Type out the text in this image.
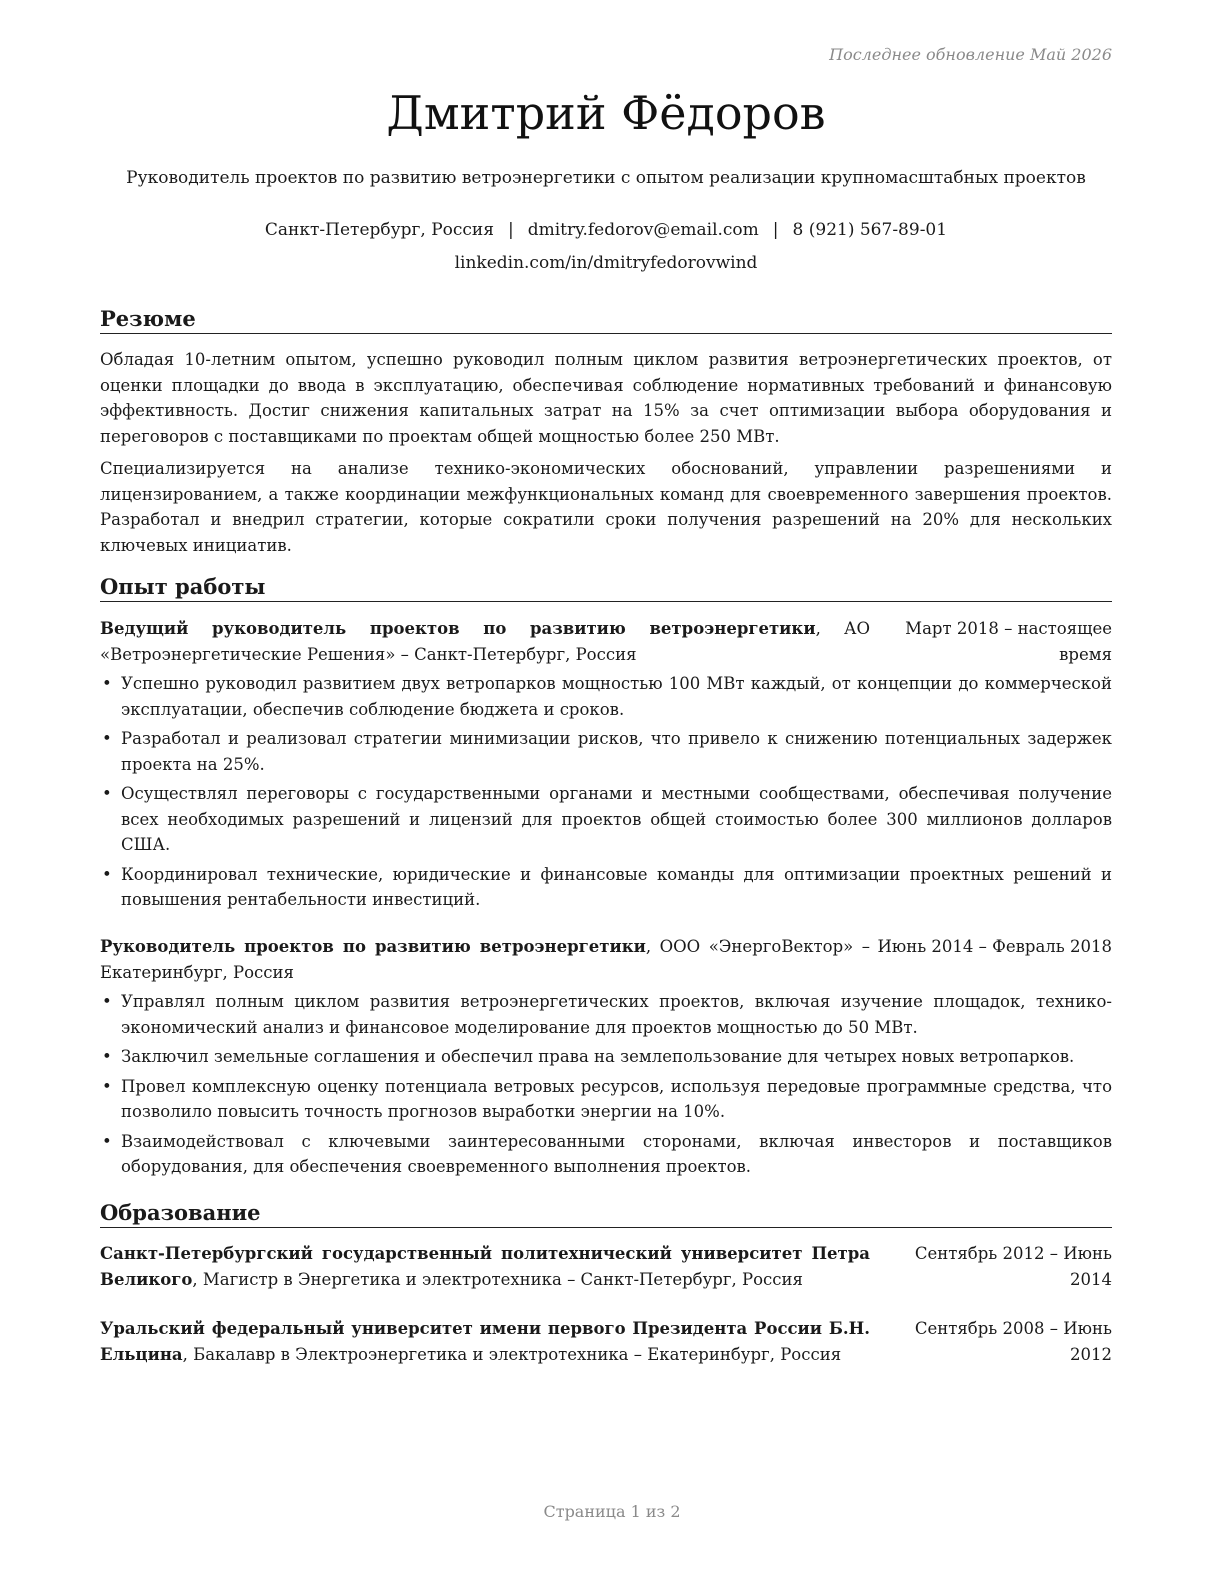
Последнее обновление Май 2026
Дмитрий Фёдоров
Руководитель проектов по развитию ветроэнергетики с опытом реализации крупномасштабных проектов
Санкт-Петербург, Россия | dmitry.fedorov@email.com | 8 (921) 567-89-01
linkedin.com/in/dmitryfedorovwind
Резюме
Обладая 10-летним опытом, успешно руководил полным циклом развития ветроэнергетических проектов, от оценки площадки до ввода в эксплуатацию, обеспечивая соблюдение нормативных требований и финансовую эффективность. Достиг снижения капитальных затрат на 15% за счет оптимизации выбора оборудования и переговоров с поставщиками по проектам общей мощностью более 250 МВт.
Специализируется на анализе технико-экономических обоснований, управлении разрешениями и лицензированием, а также координации межфункциональных команд для своевременного завершения проектов. Разработал и внедрил стратегии, которые сократили сроки получения разрешений на 20% для нескольких ключевых инициатив.
Опыт работы
Ведущий руководитель проектов по развитию ветроэнергетики, АО «Ветроэнергетические Решения» – Санкт-Петербург, Россия
Март 2018 – настоящее время
• Успешно руководил развитием двух ветропарков мощностью 100 МВт каждый, от концепции до коммерческой эксплуатации, обеспечив соблюдение бюджета и сроков.
• Разработал и реализовал стратегии минимизации рисков, что привело к снижению потенциальных задержек проекта на 25%.
• Осуществлял переговоры с государственными органами и местными сообществами, обеспечивая получение всех необходимых разрешений и лицензий для проектов общей стоимостью более 300 миллионов долларов США.
• Координировал технические, юридические и финансовые команды для оптимизации проектных решений и повышения рентабельности инвестиций.
Руководитель проектов по развитию ветроэнергетики, ООО «ЭнергоВектор» – Екатеринбург, Россия
Июнь 2014 – Февраль 2018
• Управлял полным циклом развития ветроэнергетических проектов, включая изучение площадок, технико-экономический анализ и финансовое моделирование для проектов мощностью до 50 МВт.
• Заключил земельные соглашения и обеспечил права на землепользование для четырех новых ветропарков.
• Провел комплексную оценку потенциала ветровых ресурсов, используя передовые программные средства, что позволило повысить точность прогнозов выработки энергии на 10%.
• Взаимодействовал с ключевыми заинтересованными сторонами, включая инвесторов и поставщиков оборудования, для обеспечения своевременного выполнения проектов.
Образование
Санкт-Петербургский государственный политехнический университет Петра Великого, Магистр в Энергетика и электротехника – Санкт-Петербург, Россия
Сентябрь 2012 – Июнь 2014
Уральский федеральный университет имени первого Президента России Б.Н. Ельцина, Бакалавр в Электроэнергетика и электротехника – Екатеринбург, Россия
Сентябрь 2008 – Июнь 2012
Страница 1 из 2
